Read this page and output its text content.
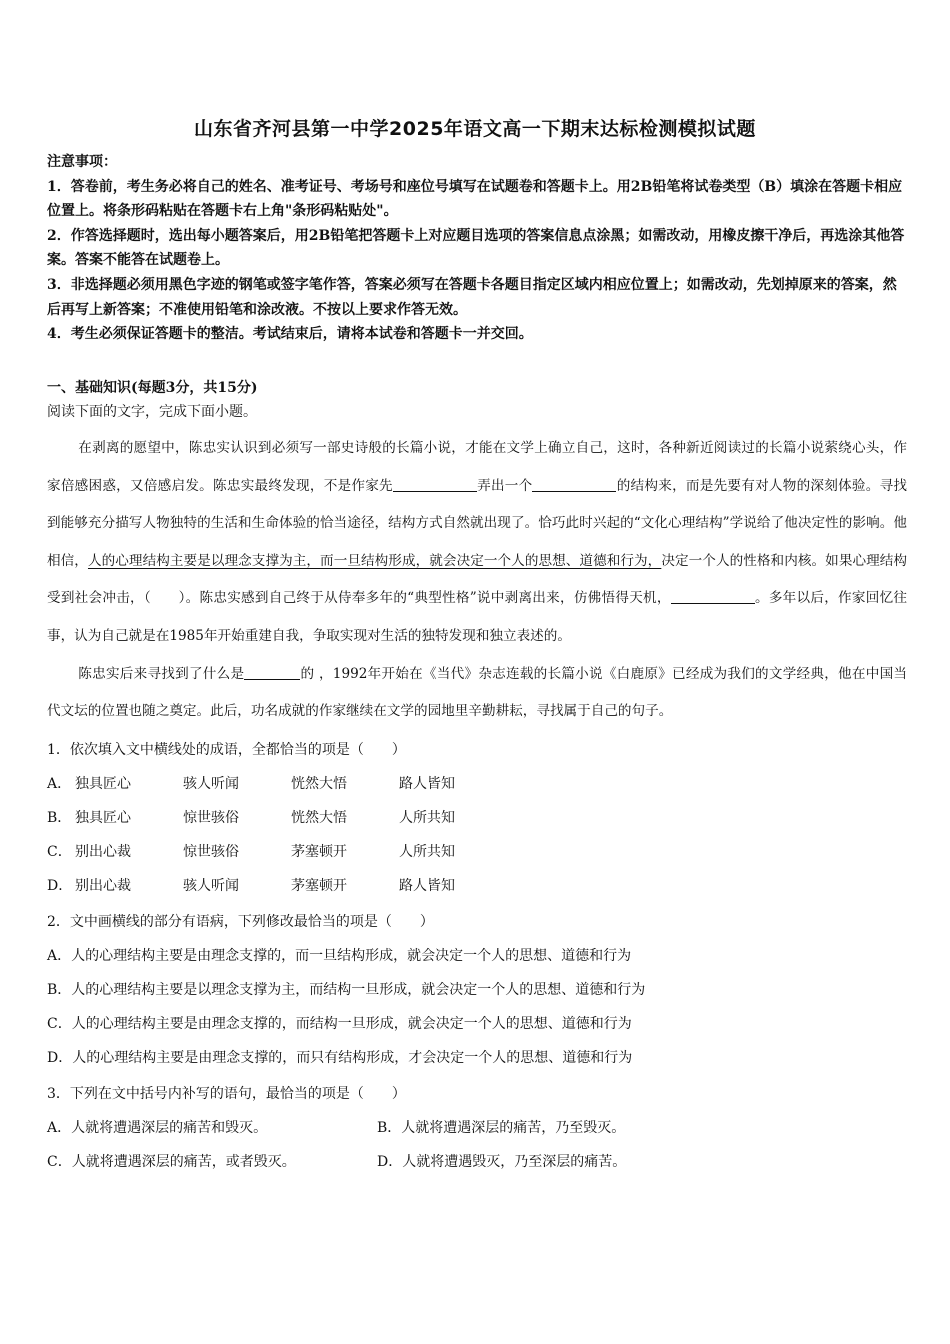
山东省齐河县第一中学2025年语文高一下期末达标检测模拟试题

注意事项：

1．答卷前，考生务必将自己的姓名、准考证号、考场号和座位号填写在试题卷和答题卡上。用2B铅笔将试卷类型（B）填涂在答题卡相应位置上。将条形码粘贴在答题卡右上角"条形码粘贴处"。

2．作答选择题时，选出每小题答案后，用2B铅笔把答题卡上对应题目选项的答案信息点涂黑；如需改动，用橡皮擦干净后，再选涂其他答案。答案不能答在试题卷上。

3．非选择题必须用黑色字迹的钢笔或签字笔作答，答案必须写在答题卡各题目指定区域内相应位置上；如需改动，先划掉原来的答案，然后再写上新答案；不准使用铅笔和涂改液。不按以上要求作答无效。

4．考生必须保证答题卡的整洁。考试结束后，请将本试卷和答题卡一并交回。

一、基础知识(每题3分，共15分)
阅读下面的文字，完成下面小题。

在剥离的愿望中，陈忠实认识到必须写一部史诗般的长篇小说，才能在文学上确立自己，这时，各种新近阅读过的长篇小说萦绕心头，作家倍感困惑，又倍感启发。陈忠实最终发现，不是作家先	弄出一个	的结构来，而是先要有对人物的深刻体验。寻找到能够充分描写人物独特的生活和生命体验的恰当途径，结构方式自然就出现了。恰巧此时兴起的“文化心理结构”学说给了他决定性的影响。他相信，人的心理结构主要是以理念支撑为主，而一旦结构形成，就会决定一个人的思想、道德和行为，决定一个人的性格和内核。如果心理结构受到社会冲击，（　　）。陈忠实感到自己终于从侍奉多年的“典型性格”说中剥离出来，仿佛悟得天机，	。多年以后，作家回忆往事，认为自己就是在1985年开始重建自我，争取实现对生活的独特发现和独立表述的。

陈忠实后来寻找到了什么是	的 ，1992年开始在《当代》杂志连载的长篇小说《白鹿原》已经成为我们的文学经典，他在中国当代文坛的位置也随之奠定。此后，功名成就的作家继续在文学的园地里辛勤耕耘，寻找属于自己的句子。

1．依次填入文中横线处的成语，全都恰当的项是（　　）
A． 独具匠心	骇人听闻	恍然大悟	路人皆知
B． 独具匠心	惊世骇俗	恍然大悟	人所共知
C． 别出心裁	惊世骇俗	茅塞顿开	人所共知
D． 别出心裁	骇人听闻	茅塞顿开	路人皆知
2．文中画横线的部分有语病，下列修改最恰当的项是（　　）
A．人的心理结构主要是由理念支撑的，而一旦结构形成，就会决定一个人的思想、道德和行为
B．人的心理结构主要是以理念支撑为主，而结构一旦形成，就会决定一个人的思想、道德和行为
C．人的心理结构主要是由理念支撑的，而结构一旦形成，就会决定一个人的思想、道德和行为
D．人的心理结构主要是由理念支撑的，而只有结构形成，才会决定一个人的思想、道德和行为
3．下列在文中括号内补写的语句，最恰当的项是（　　）
A．人就将遭遇深层的痛苦和毁灭。	B．人就将遭遇深层的痛苦，乃至毁灭。
C．人就将遭遇深层的痛苦，或者毁灭。	D．人就将遭遇毁灭，乃至深层的痛苦。
